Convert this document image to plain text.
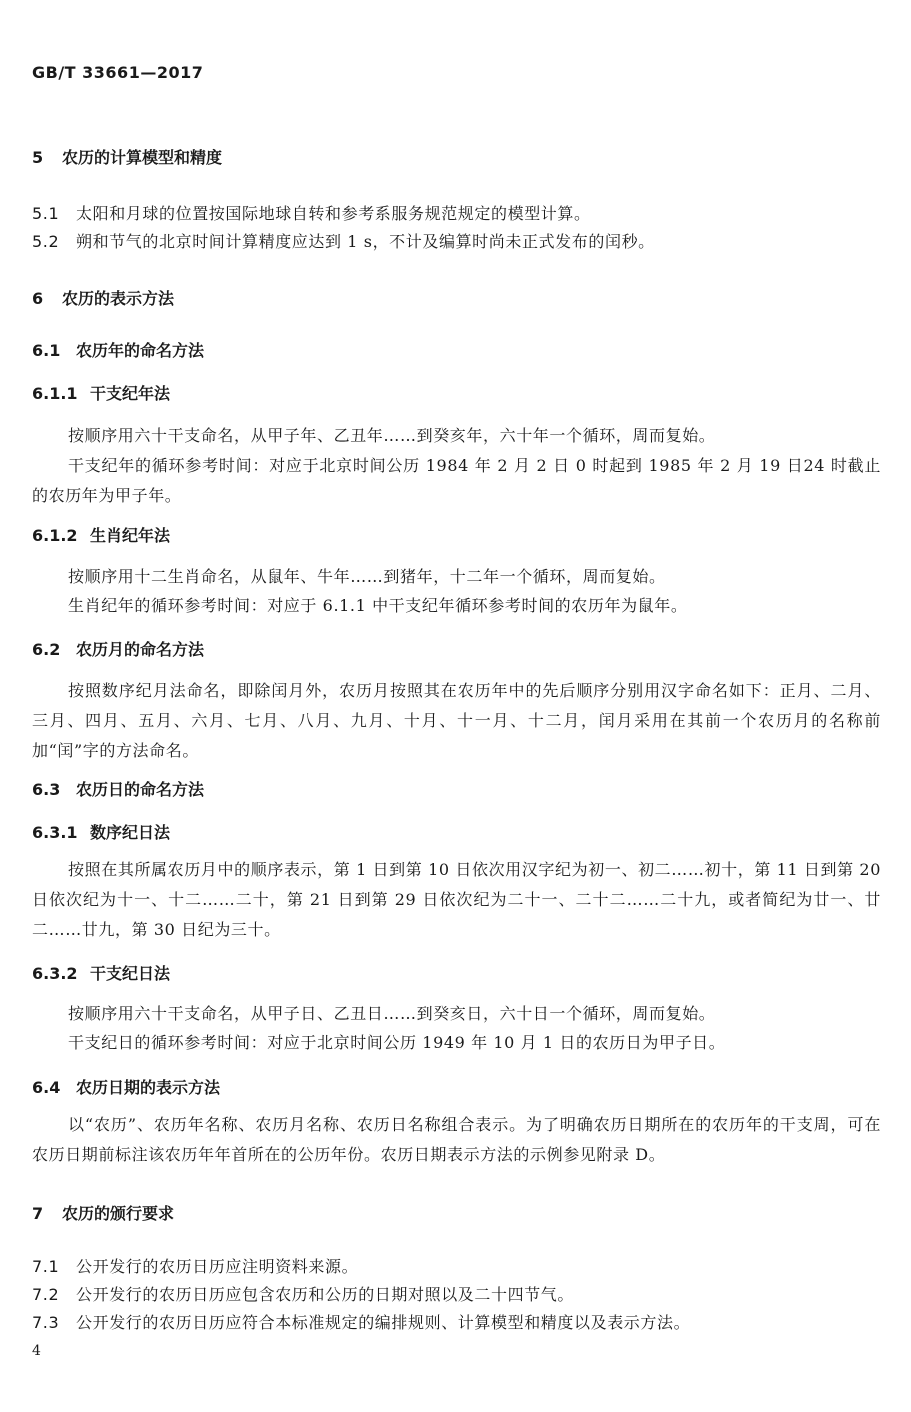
GB/T 33661—2017
5 农历的计算模型和精度
5.1 太阳和月球的位置按国际地球自转和参考系服务规范规定的模型计算。
5.2 朔和节气的北京时间计算精度应达到 1 s，不计及编算时尚未正式发布的闰秒。
6 农历的表示方法
6.1 农历年的命名方法
6.1.1 干支纪年法
按顺序用六十干支命名，从甲子年、乙丑年……到癸亥年，六十年一个循环，周而复始。
干支纪年的循环参考时间：对应于北京时间公历 1984 年 2 月 2 日 0 时起到 1985 年 2 月 19 日24 时截止的农历年为甲子年。
6.1.2 生肖纪年法
按顺序用十二生肖命名，从鼠年、牛年……到猪年，十二年一个循环，周而复始。
生肖纪年的循环参考时间：对应于 6.1.1 中干支纪年循环参考时间的农历年为鼠年。
6.2 农历月的命名方法
按照数序纪月法命名，即除闰月外，农历月按照其在农历年中的先后顺序分别用汉字命名如下：正月、二月、三月、四月、五月、六月、七月、八月、九月、十月、十一月、十二月，闰月采用在其前一个农历月的名称前加“闰”字的方法命名。
6.3 农历日的命名方法
6.3.1 数序纪日法
按照在其所属农历月中的顺序表示，第 1 日到第 10 日依次用汉字纪为初一、初二……初十，第 11 日到第 20 日依次纪为十一、十二……二十，第 21 日到第 29 日依次纪为二十一、二十二……二十九，或者简纪为廿一、廿二……廿九，第 30 日纪为三十。
6.3.2 干支纪日法
按顺序用六十干支命名，从甲子日、乙丑日……到癸亥日，六十日一个循环，周而复始。
干支纪日的循环参考时间：对应于北京时间公历 1949 年 10 月 1 日的农历日为甲子日。
6.4 农历日期的表示方法
以“农历”、农历年名称、农历月名称、农历日名称组合表示。为了明确农历日期所在的农历年的干支周，可在农历日期前标注该农历年年首所在的公历年份。农历日期表示方法的示例参见附录 D。
7 农历的颁行要求
7.1 公开发行的农历日历应注明资料来源。
7.2 公开发行的农历日历应包含农历和公历的日期对照以及二十四节气。
7.3 公开发行的农历日历应符合本标准规定的编排规则、计算模型和精度以及表示方法。
4
